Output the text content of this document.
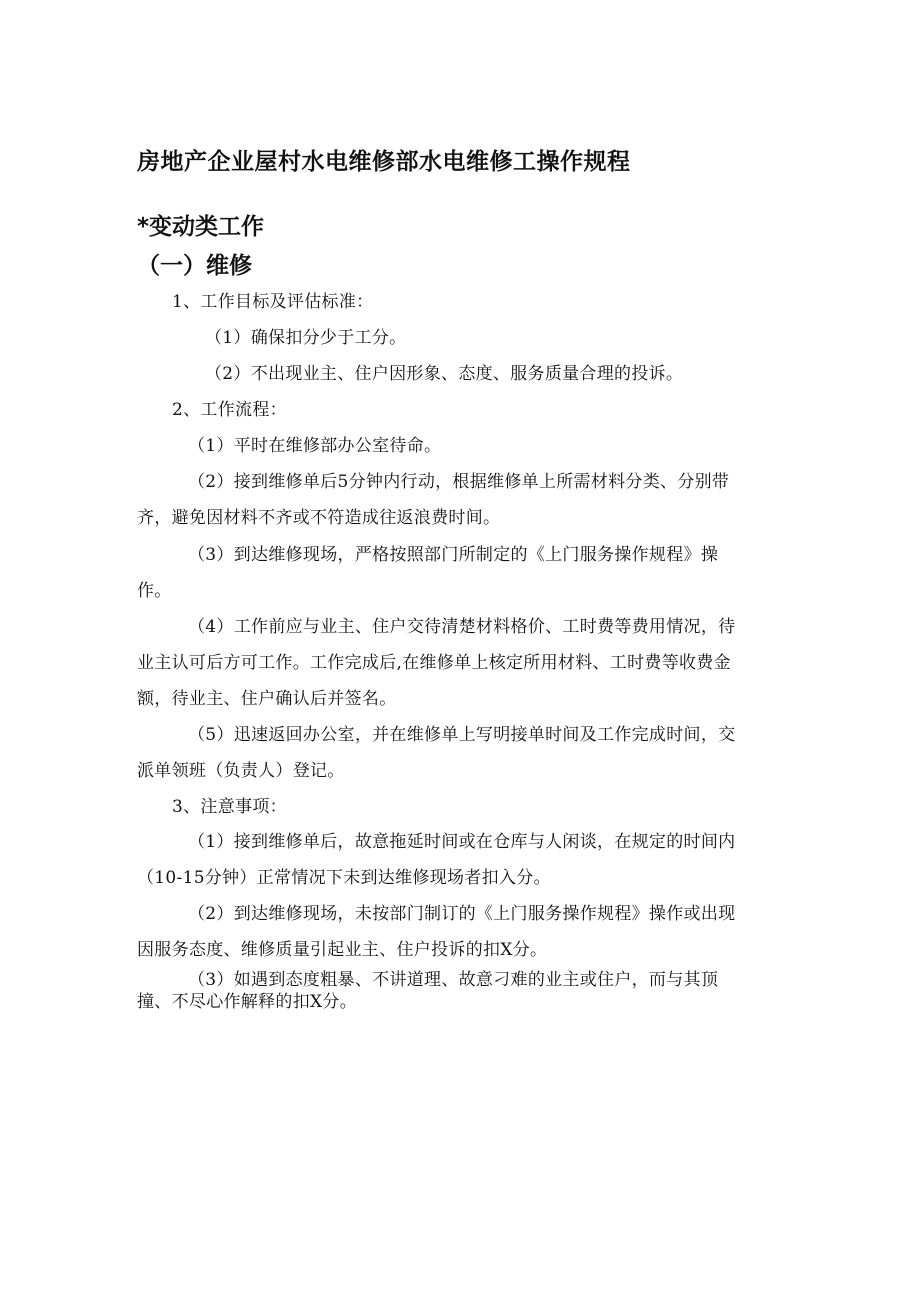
房地产企业屋村水电维修部水电维修工操作规程
*变动类工作
（一）维修
1、工作目标及评估标准：
（1）确保扣分少于工分。
（2）不出现业主、住户因形象、态度、服务质量合理的投诉。
2、工作流程：
（1）平时在维修部办公室待命。
（2）接到维修单后5分钟内行动，根据维修单上所需材料分类、分别带
齐，避免因材料不齐或不符造成往返浪费时间。
（3）到达维修现场，严格按照部门所制定的《上门服务操作规程》操
作。
（4）工作前应与业主、住户交待清楚材料格价、工时费等费用情况，待
业主认可后方可工作。工作完成后,在维修单上核定所用材料、工时费等收费金
额，待业主、住户确认后并签名。
（5）迅速返回办公室，并在维修单上写明接单时间及工作完成时间，交
派单领班（负责人）登记。
3、注意事项：
（1）接到维修单后，故意拖延时间或在仓库与人闲谈，在规定的时间内
（10-15分钟）正常情况下未到达维修现场者扣入分。
（2）到达维修现场，未按部门制订的《上门服务操作规程》操作或出现
因服务态度、维修质量引起业主、住户投诉的扣X分。
（3）如遇到态度粗暴、不讲道理、故意刁难的业主或住户，而与其顶
撞、不尽心作解释的扣X分。
